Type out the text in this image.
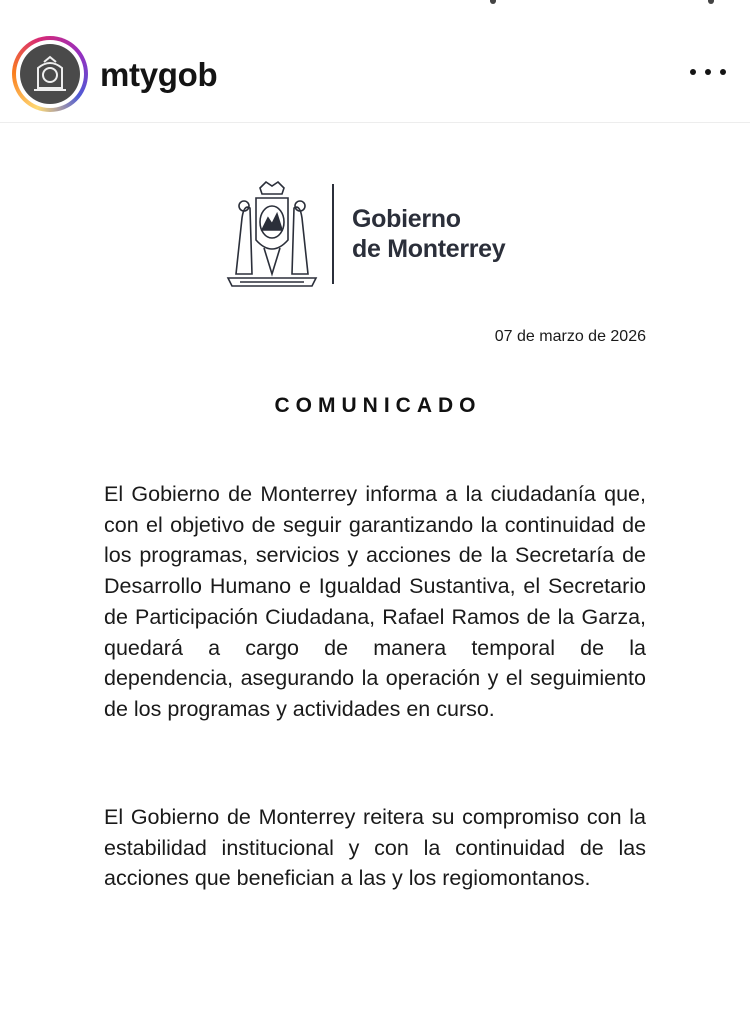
mtygob
Gobierno
de Monterrey
07 de marzo de 2026
COMUNICADO

El Gobierno de Monterrey informa a la ciudadanía que, con el objetivo de seguir garantizando la continuidad de los programas, servicios y acciones de la Secretaría de Desarrollo Humano e Igualdad Sustantiva, el Secretario de Participación Ciudadana, Rafael Ramos de la Garza, quedará a cargo de manera temporal de la dependencia, asegurando la operación y el seguimiento de los programas y actividades en curso.

El Gobierno de Monterrey reitera su compromiso con la estabilidad institucional y con la continuidad de las acciones que benefician a las y los regiomontanos.
